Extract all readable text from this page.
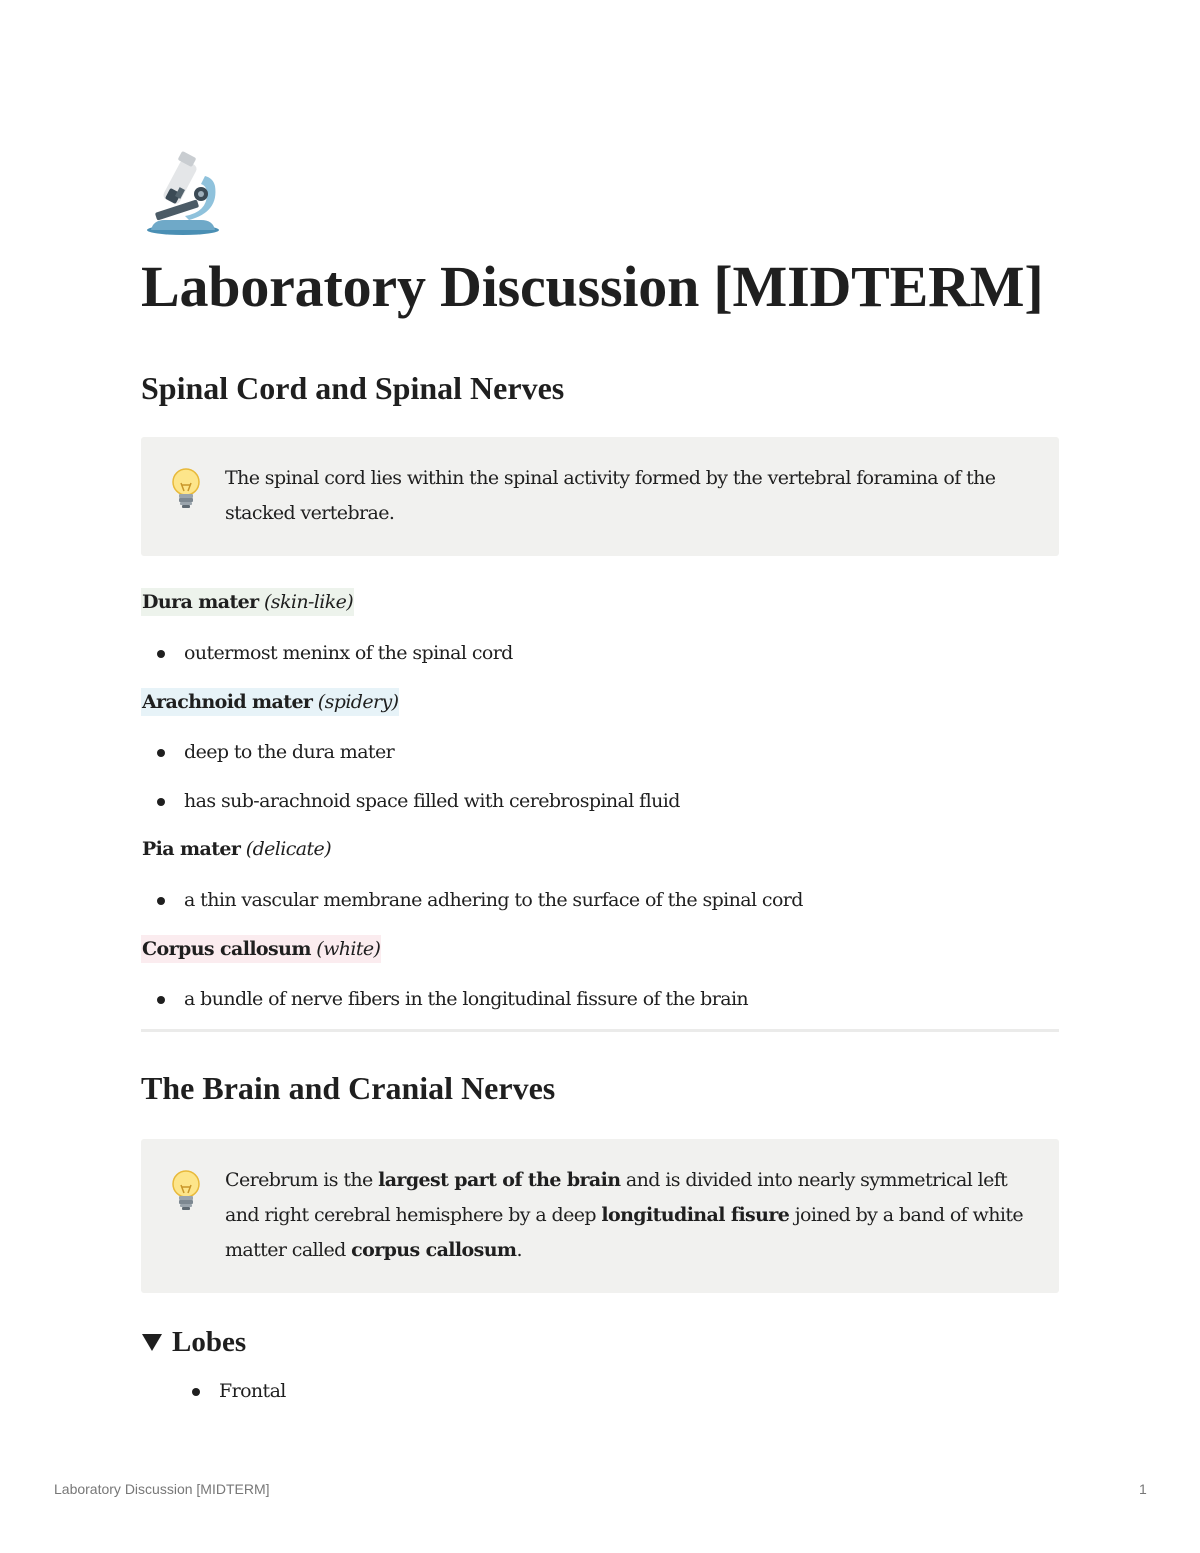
Laboratory Discussion [MIDTERM]
Spinal Cord and Spinal Nerves
The spinal cord lies within the spinal activity formed by the vertebral foramina of the stacked vertebrae.
Dura mater (skin-like)
outermost meninx of the spinal cord
Arachnoid mater (spidery)
deep to the dura mater
has sub-arachnoid space filled with cerebrospinal fluid
Pia mater (delicate)
a thin vascular membrane adhering to the surface of the spinal cord
Corpus callosum (white)
a bundle of nerve fibers in the longitudinal fissure of the brain
The Brain and Cranial Nerves
Cerebrum is the largest part of the brain and is divided into nearly symmetrical left and right cerebral hemisphere by a deep longitudinal fisure joined by a band of white matter called corpus callosum.
Lobes
Frontal
Laboratory Discussion [MIDTERM]	1
